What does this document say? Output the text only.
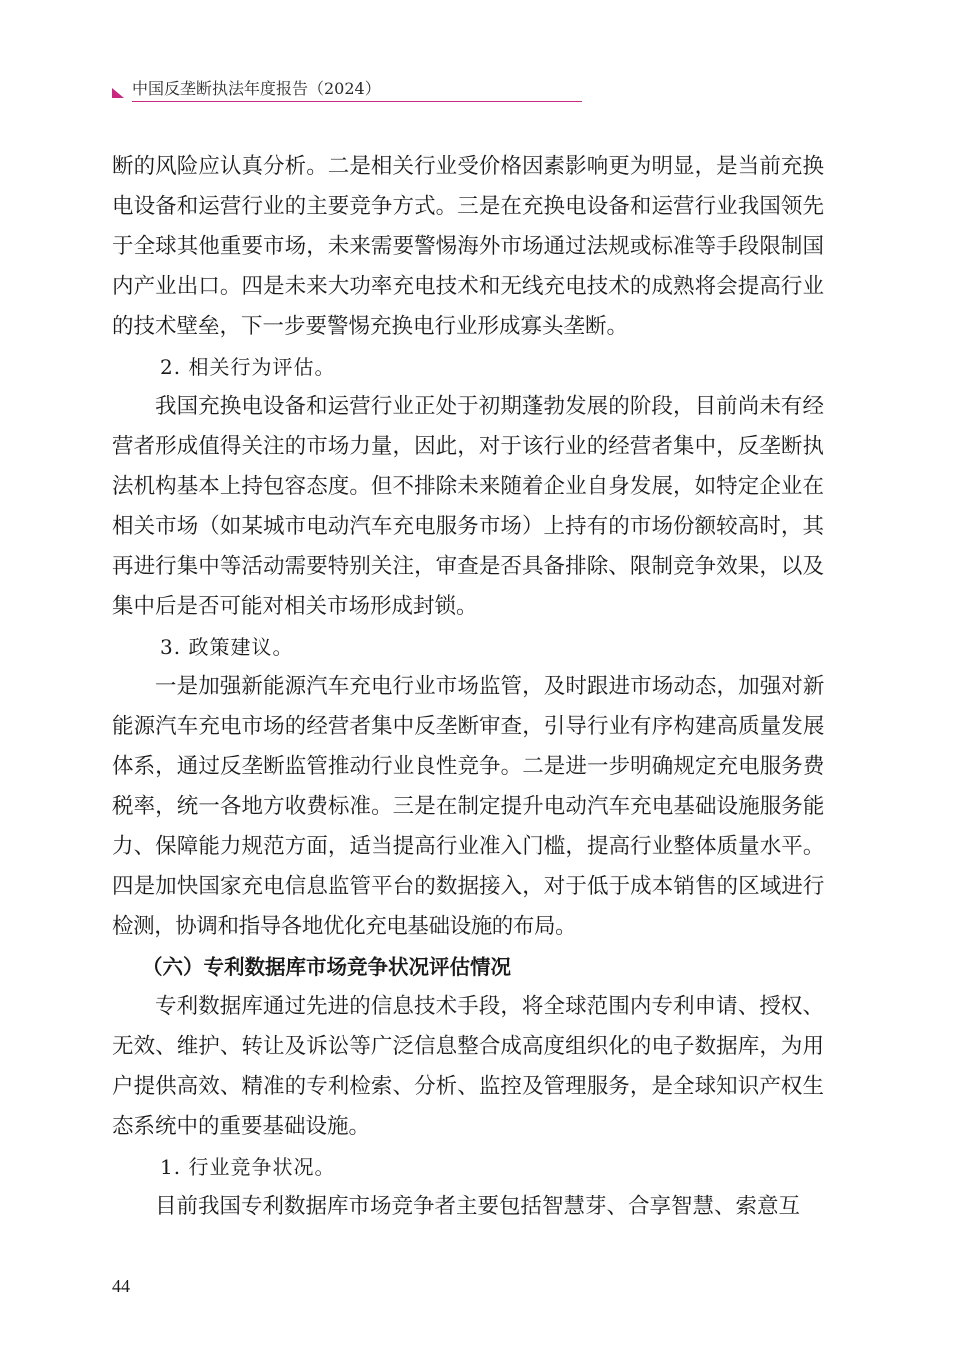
中国反垄断执法年度报告（2024）

断的风险应认真分析。二是相关行业受价格因素影响更为明显，是当前充换电设备和运营行业的主要竞争方式。三是在充换电设备和运营行业我国领先于全球其他重要市场，未来需要警惕海外市场通过法规或标准等手段限制国内产业出口。四是未来大功率充电技术和无线充电技术的成熟将会提高行业的技术壁垒，下一步要警惕充换电行业形成寡头垄断。

2. 相关行为评估。

我国充换电设备和运营行业正处于初期蓬勃发展的阶段，目前尚未有经营者形成值得关注的市场力量，因此，对于该行业的经营者集中，反垄断执法机构基本上持包容态度。但不排除未来随着企业自身发展，如特定企业在相关市场（如某城市电动汽车充电服务市场）上持有的市场份额较高时，其再进行集中等活动需要特别关注，审查是否具备排除、限制竞争效果，以及集中后是否可能对相关市场形成封锁。

3. 政策建议。

一是加强新能源汽车充电行业市场监管，及时跟进市场动态，加强对新能源汽车充电市场的经营者集中反垄断审查，引导行业有序构建高质量发展体系，通过反垄断监管推动行业良性竞争。二是进一步明确规定充电服务费税率，统一各地方收费标准。三是在制定提升电动汽车充电基础设施服务能力、保障能力规范方面，适当提高行业准入门槛，提高行业整体质量水平。四是加快国家充电信息监管平台的数据接入，对于低于成本销售的区域进行检测，协调和指导各地优化充电基础设施的布局。

（六）专利数据库市场竞争状况评估情况

专利数据库通过先进的信息技术手段，将全球范围内专利申请、授权、无效、维护、转让及诉讼等广泛信息整合成高度组织化的电子数据库，为用户提供高效、精准的专利检索、分析、监控及管理服务，是全球知识产权生态系统中的重要基础设施。

1. 行业竞争状况。

目前我国专利数据库市场竞争者主要包括智慧芽、合享智慧、索意互

44
